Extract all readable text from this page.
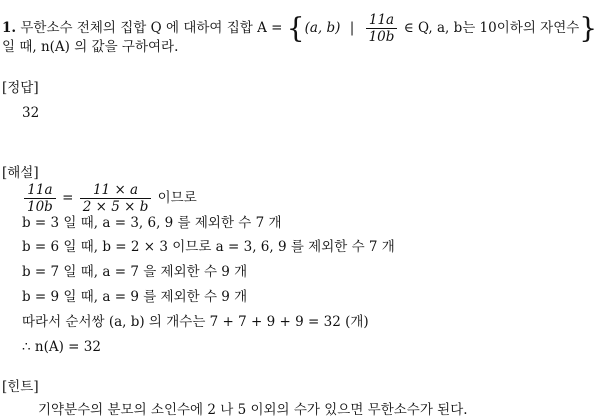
1. 무한소수 전체의 집합 Q 에 대하여 집합 A = {(a, b) | $\frac{11a}{10b}$ ∈ Q, a, b는 10이하의 자연수}
일 때, n(A) 의 값을 구하여라.
[정답]
32
[해설]
$\frac{11a}{10b} = \frac{11 \times a}{2 \times 5 \times b}$ 이므로
b = 3 일 때, a = 3, 6, 9 를 제외한 수 7 개
b = 6 일 때, b = 2 × 3 이므로 a = 3, 6, 9 를 제외한 수 7 개
b = 7 일 때, a = 7 을 제외한 수 9 개
b = 9 일 때, a = 9 를 제외한 수 9 개
따라서 순서쌍 (a, b) 의 개수는 7 + 7 + 9 + 9 = 32 (개)
∴ n(A) = 32
[힌트]
기약분수의 분모의 소인수에 2 나 5 이외의 수가 있으면 무한소수가 된다.
